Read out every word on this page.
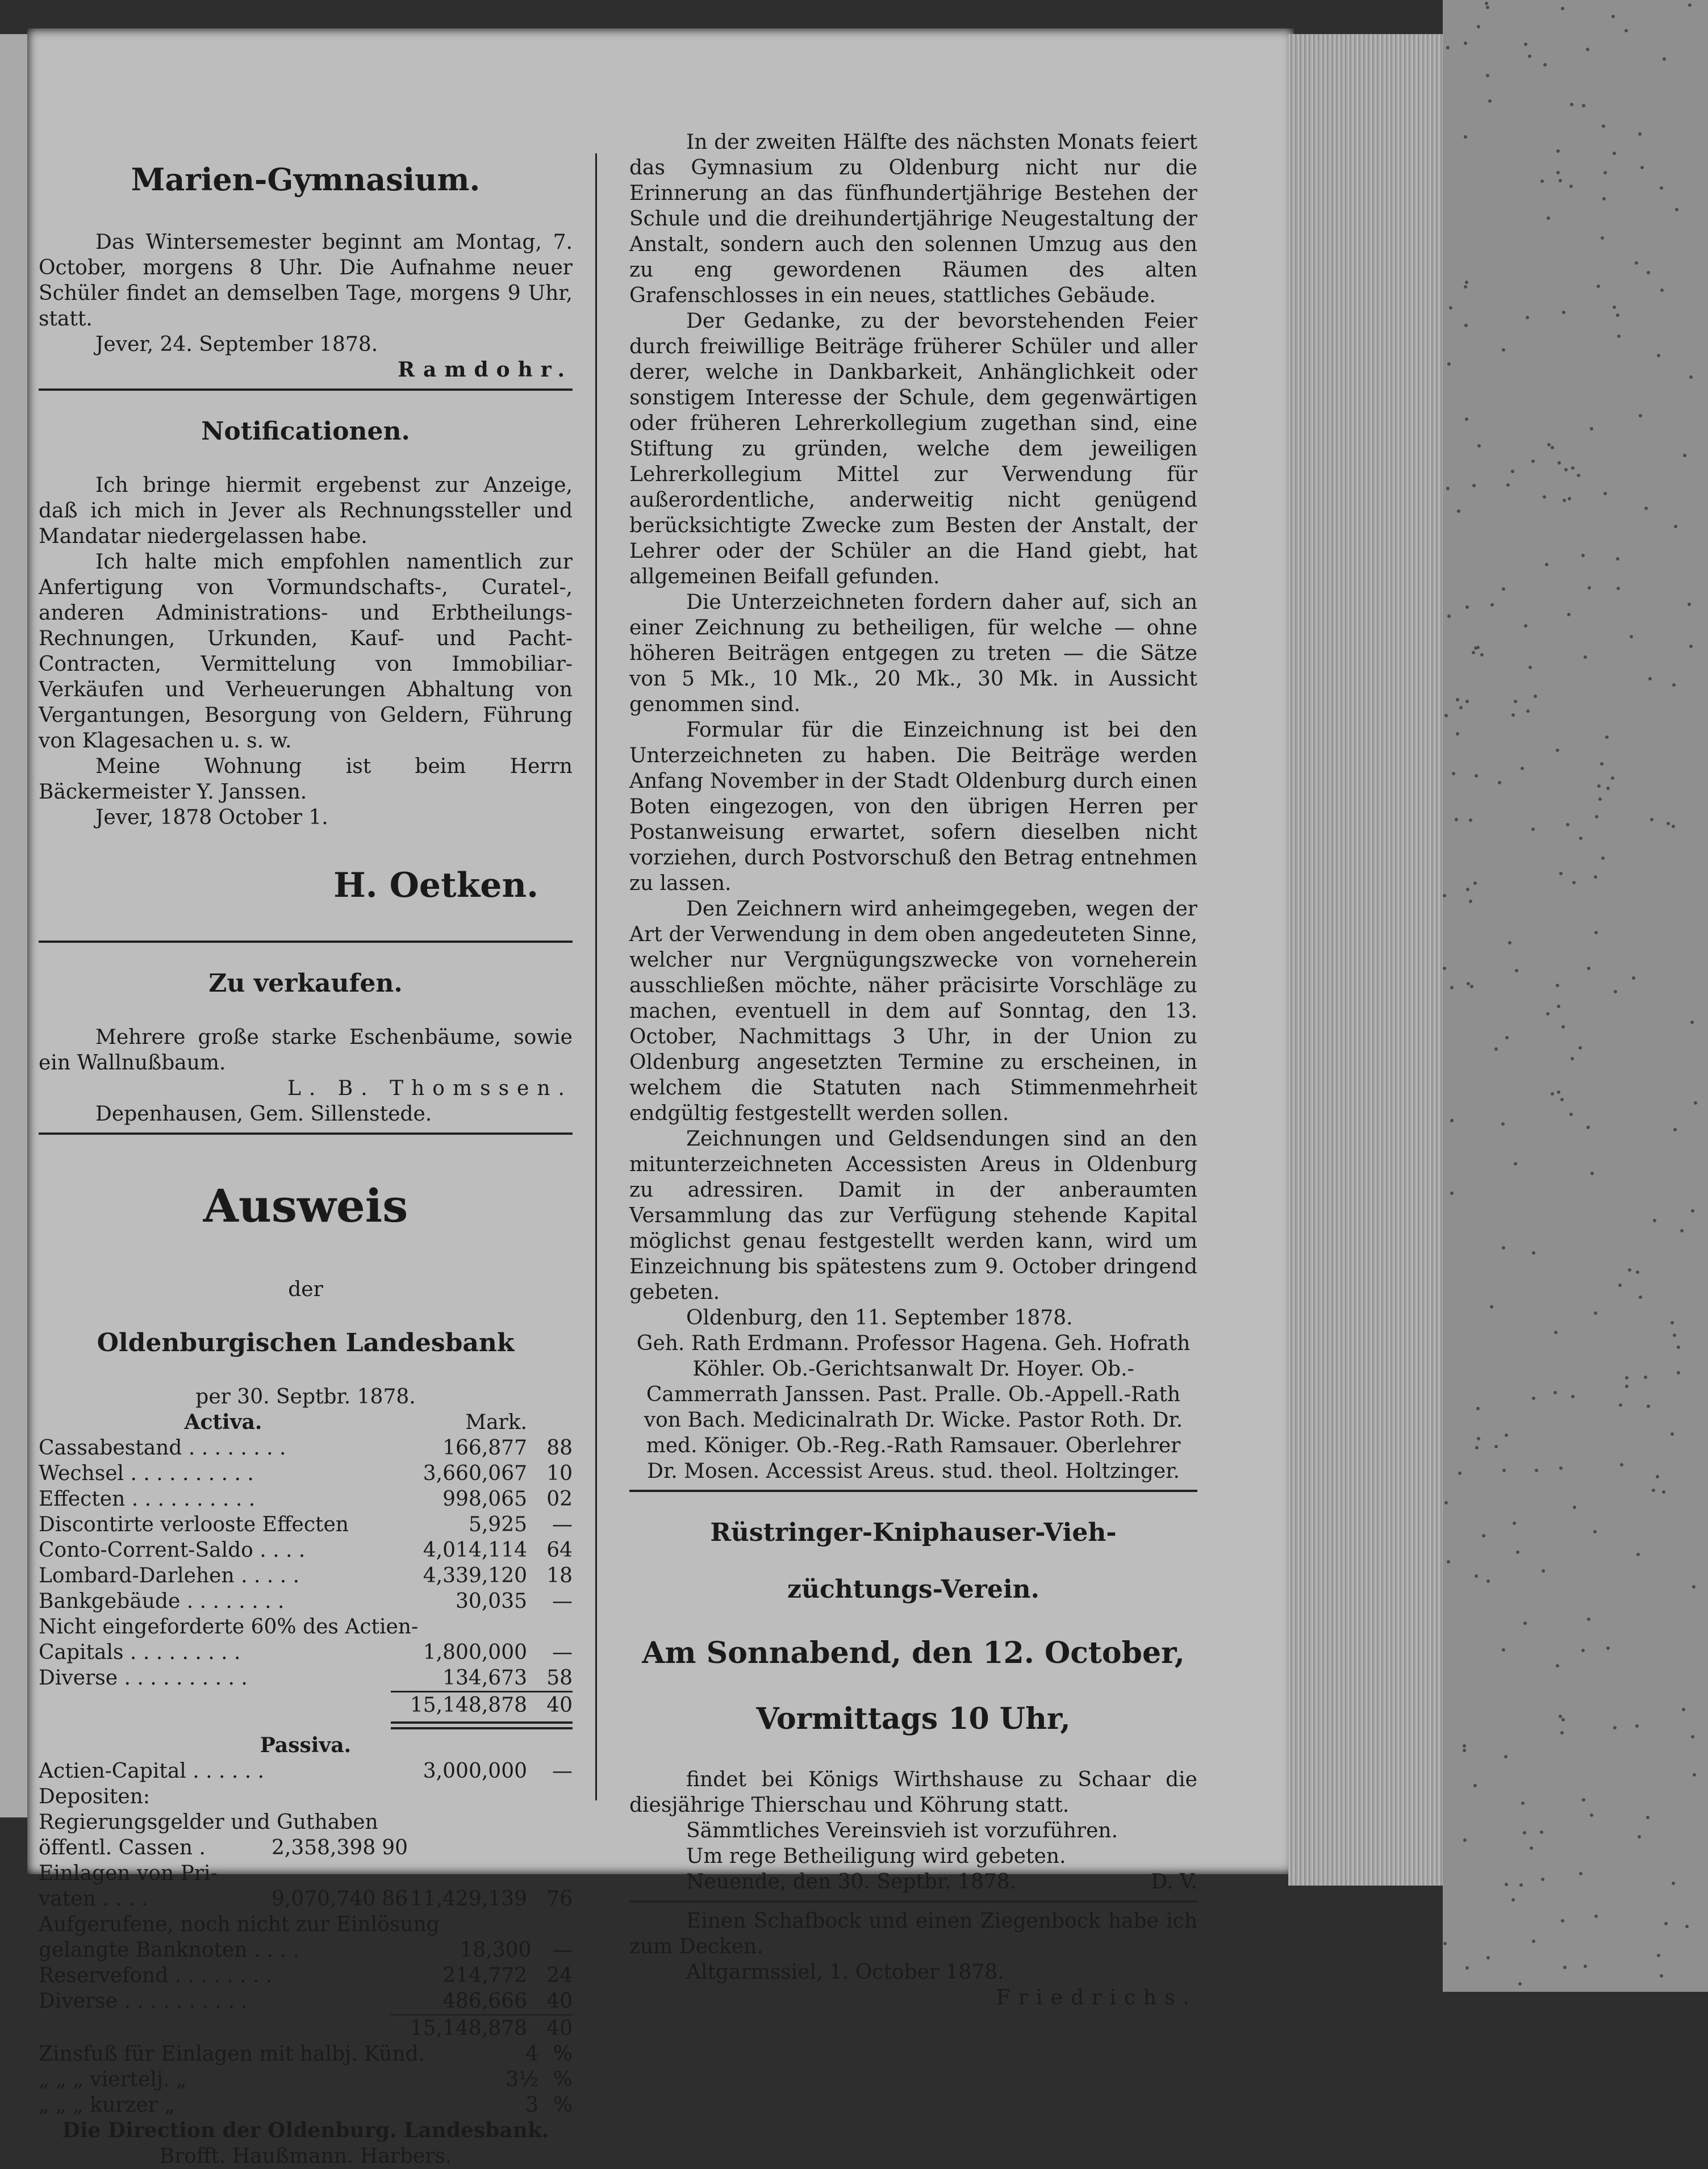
Marien-Gymnasium.

Das Wintersemester beginnt am Montag, 7. October, morgens 8 Uhr. Die Aufnahme neuer Schüler findet an demselben Tage, morgens 9 Uhr, statt.

Jever, 24. September 1878.

Ramdohr.

Notificationen.

Ich bringe hiermit ergebenst zur Anzeige, daß ich mich in Jever als Rechnungssteller und Mandatar niedergelassen habe.

Ich halte mich empfohlen namentlich zur Anfertigung von Vormundschafts-, Curatel-, anderen Administrations- und Erbtheilungs-Rechnungen, Urkunden, Kauf- und Pacht-Contracten, Vermittelung von Immobiliar-Verkäufen und Verheuerungen Abhaltung von Vergantungen, Besorgung von Geldern, Führung von Klagesachen u. s. w.

Meine Wohnung ist beim Herrn Bäckermeister Y. Janssen.

Jever, 1878 October 1.

H. Oetken.

Zu verkaufen.

Mehrere große starke Eschenbäume, sowie ein Wallnußbaum.

L. B. Thomssen.

Depenhausen, Gem. Sillenstede.

Ausweis

der

Oldenburgischen Landesbank

per 30. Septbr. 1878.

Activa.	Mark.
Cassabestand . . . . . . . .	166,877 88
Wechsel . . . . . . . . . .	3,660,067 10
Effecten . . . . . . . . . .	998,065 02
Discontirte verlooste Effecten	5,925	—
Conto-Corrent-Saldo . . . .	4,014,114 64
Lombard-Darlehen . . . . .	4,339,120 18
Bankgebäude . . . . . . . .	30,035	—
Nicht eingeforderte 60% des Actien-
Capitals . . . . . . . . .	1,800,000	—
Diverse . . . . . . . . . .	134,673 58
15,148,878 40

Passiva.

Actien-Capital . . . . . .	3,000,000	—
Depositen:
Regierungsgelder und Guthaben
öffentl. Cassen .	2,358,398 90
Einlagen von Pri-
vaten . . . .	9,070,740 86 11,429,139 76
Aufgerufene, noch nicht zur Einlösung
gelangte Banknoten . . . .	18,300	—
Reservefond . . . . . . . .	214,772 24
Diverse . . . . . . . . . .	486,666 40
15,148,878 40
Zinsfuß für Einlagen mit halbj. Künd.	4 %
„ „ „ viertelj. „	3½ %
„ „ „ kurzer „	3 %

Die Direction der Oldenburg. Landesbank.

Brofft. Haußmann. Harbers.

In der zweiten Hälfte des nächsten Monats feiert das Gymnasium zu Oldenburg nicht nur die Erinnerung an das fünfhundertjährige Bestehen der Schule und die dreihundertjährige Neugestaltung der Anstalt, sondern auch den solennen Umzug aus den zu eng gewordenen Räumen des alten Grafenschlosses in ein neues, stattliches Gebäude.

Der Gedanke, zu der bevorstehenden Feier durch freiwillige Beiträge früherer Schüler und aller derer, welche in Dankbarkeit, Anhänglichkeit oder sonstigem Interesse der Schule, dem gegenwärtigen oder früheren Lehrerkollegium zugethan sind, eine Stiftung zu gründen, welche dem jeweiligen Lehrerkollegium Mittel zur Verwendung für außerordentliche, anderweitig nicht genügend berücksichtigte Zwecke zum Besten der Anstalt, der Lehrer oder der Schüler an die Hand giebt, hat allgemeinen Beifall gefunden.

Die Unterzeichneten fordern daher auf, sich an einer Zeichnung zu betheiligen, für welche — ohne höheren Beiträgen entgegen zu treten — die Sätze von 5 Mk., 10 Mk., 20 Mk., 30 Mk. in Aussicht genommen sind.

Formular für die Einzeichnung ist bei den Unterzeichneten zu haben. Die Beiträge werden Anfang November in der Stadt Oldenburg durch einen Boten eingezogen, von den übrigen Herren per Postanweisung erwartet, sofern dieselben nicht vorziehen, durch Postvorschuß den Betrag entnehmen zu lassen.

Den Zeichnern wird anheimgegeben, wegen der Art der Verwendung in dem oben angedeuteten Sinne, welcher nur Vergnügungszwecke von vorneherein ausschließen möchte, näher präcisirte Vorschläge zu machen, eventuell in dem auf Sonntag, den 13. October, Nachmittags 3 Uhr, in der Union zu Oldenburg angesetzten Termine zu erscheinen, in welchem die Statuten nach Stimmenmehrheit endgültig festgestellt werden sollen.

Zeichnungen und Geldsendungen sind an den mitunterzeichneten Accessisten Areus in Oldenburg zu adressiren. Damit in der anberaumten Versammlung das zur Verfügung stehende Kapital möglichst genau festgestellt werden kann, wird um Einzeichnung bis spätestens zum 9. October dringend gebeten.

Oldenburg, den 11. September 1878.

Geh. Rath Erdmann. Professor Hagena. Geh. Hofrath Köhler. Ob.-Gerichtsanwalt Dr. Hoyer. Ob.-Cammerrath Janssen. Past. Pralle. Ob.-Appell.-Rath von Bach. Medicinalrath Dr. Wicke. Pastor Roth. Dr. med. Königer. Ob.-Reg.-Rath Ramsauer. Oberlehrer Dr. Mosen. Accessist Areus. stud. theol. Holtzinger.

Rüstringer-Kniphauser-Vieh-

züchtungs-Verein.

Am Sonnabend, den 12. October,

Vormittags 10 Uhr,

findet bei Königs Wirthshause zu Schaar die diesjährige Thierschau und Köhrung statt.

Sämmtliches Vereinsvieh ist vorzuführen.

Um rege Betheiligung wird gebeten.

Neuende, den 30. Septbr. 1878.	D. V.

Einen Schafbock und einen Ziegenbock habe ich zum Decken.

Altgarmssiel, 1. October 1878.

Friedrichs.
